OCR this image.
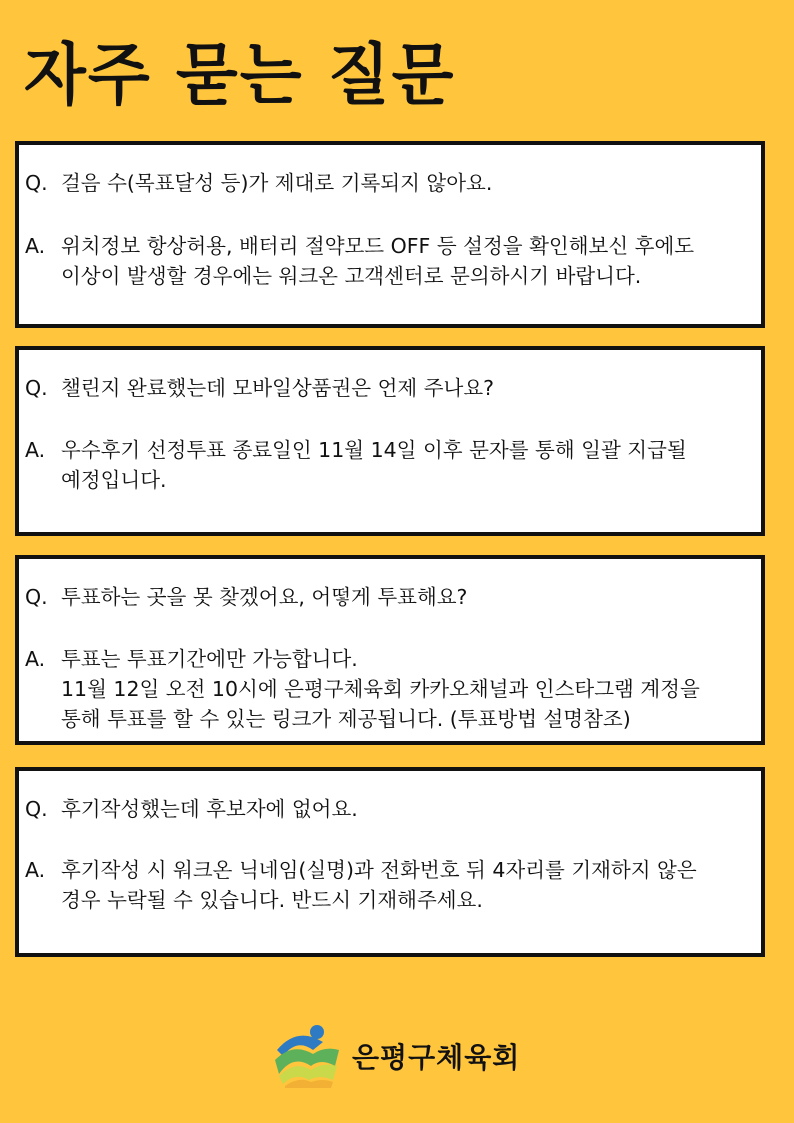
자주 묻는 질문
Q. 걸음 수(목표달성 등)가 제대로 기록되지 않아요.
A. 위치정보 항상허용, 배터리 절약모드 OFF 등 설정을 확인해보신 후에도
이상이 발생할 경우에는 워크온 고객센터로 문의하시기 바랍니다.
Q. 챌린지 완료했는데 모바일상품권은 언제 주나요?
A. 우수후기 선정투표 종료일인 11월 14일 이후 문자를 통해 일괄 지급될
예정입니다.
Q. 투표하는 곳을 못 찾겠어요, 어떻게 투표해요?
A. 투표는 투표기간에만 가능합니다.
11월 12일 오전 10시에 은평구체육회 카카오채널과 인스타그램 계정을
통해 투표를 할 수 있는 링크가 제공됩니다. (투표방법 설명참조)
Q. 후기작성했는데 후보자에 없어요.
A. 후기작성 시 워크온 닉네임(실명)과 전화번호 뒤 4자리를 기재하지 않은
경우 누락될 수 있습니다. 반드시 기재해주세요.
은평구체육회
